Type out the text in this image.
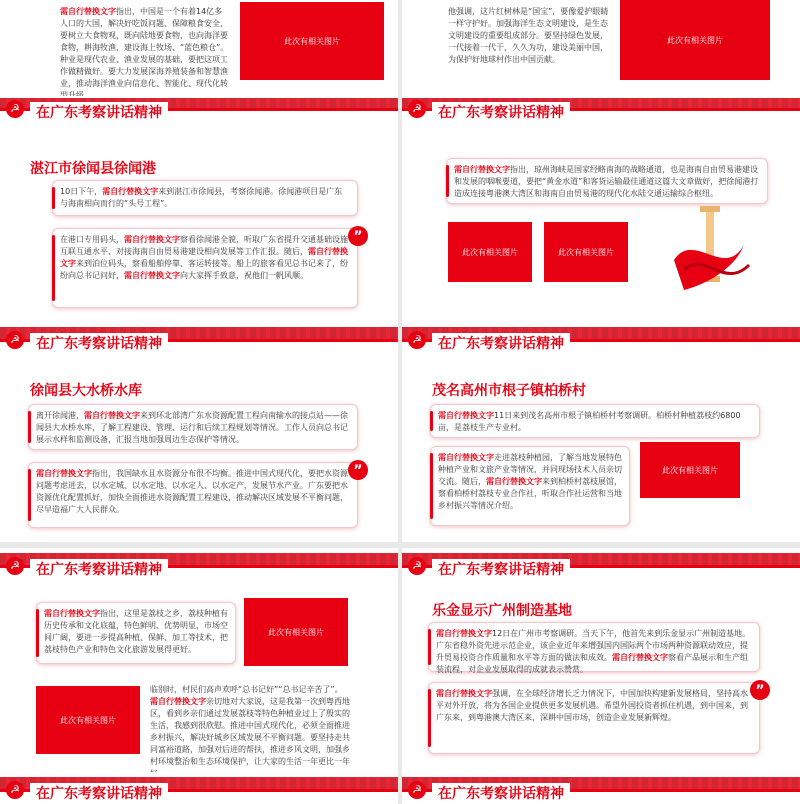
需自行替换文字指出，中国是一个有着14亿多人口的大国，解决好吃饭问题、保障粮食安全，要树立大食物观，既向陆地要食物，也向海洋要食物，耕海牧渔，建设海上牧场、“蓝色粮仓”。种业是现代农业、渔业发展的基础，要把这项工作做精做好。要大力发展深海养殖装备和智慧渔业，推动海洋渔业向信息化、智能化、现代化转
此次有相关图片
☭	在广东考察讲话精神
他强调，这片红树林是“国宝”，要像爱护眼睛一样守护好。加强海洋生态文明建设，是生态文明建设的重要组成部分。要坚持绿色发展，一代接着一代干，久久为功，建设美丽中国，为保护好地球村作出中国贡献。
此次有相关图片
☭	在广东考察讲话精神
湛江市徐闻县徐闻港
10日下午，需自行替换文字来到湛江市徐闻县，考察徐闻港。徐闻港项目是广东与海南相向而行的“头号工程”。
在港口专用码头，需自行替换文字察看徐闻港全貌，听取广东省提升交通基础设施互联互通水平、对接海南自由贸易港建设相向发展等工作汇报。随后，需自行替换文字来到泊位码头，察看船舶停靠、客运转接等。船上的旅客看见总书记来了，纷纷向总书记问好，需自行替换文字向大家挥手致意，祝他们一帆风顺。
”
需自行替换文字指出，琼州海峡是国家经略南海的战略通道，也是海南自由贸易港建设和发展的咽喉要道，要把“黄金水道”和客货运输最佳通道这篇大文章做好，把徐闻港打造成连接粤港澳大湾区和海南自由贸易港的现代化水陆交通运输综合枢纽。
此次有相关图片	此次有相关图片
☭	在广东考察讲话精神	☭	在广东考察讲话精神
徐闻县大水桥水库
离开徐闻港，需自行替换文字来到环北部湾广东水资源配置工程向南输水的接点站——徐闻县大水桥水库，了解工程建设、管理、运行和后续工程规划等情况。工作人员向总书记展示水样和监测设备，汇报当地加强周边生态保护等情况。
需自行替换文字指出，我国缺水且水资源分布很不均衡。推进中国式现代化，要把水资源问题考虑进去，以水定城、以水定地、以水定人、以水定产，发展节水产业。广东要把水资源优化配置抓好，加快全面推进水资源配置工程建设，推动解决区域发展不平衡问题，尽早造福广大人民群众。
”
茂名高州市根子镇柏桥村
需自行替换文字11日来到茂名高州市根子镇柏桥村考察调研。柏桥村种植荔枝约6800亩，是荔枝生产专业村。
需自行替换文字走进荔枝种植园，了解当地发展特色种植产业和文旅产业等情况，并同现场技术人员亲切交流。随后，需自行替换文字来到柏桥村荔枝展馆，察看柏桥村荔枝专业合作社，听取合作社运营和当地乡村振兴等情况介绍。
此次有相关图片
☭	在广东考察讲话精神	☭	在广东考察讲话精神
需自行替换文字指出，这里是荔枝之乡，荔枝种植有历史传承和文化底蕴，特色鲜明、优势明显，市场空间广阔，要进一步提高种植、保鲜、加工等技术，把荔枝特色产业和特色文化旅游发展得更好。
此次有相关图片
此次有相关图片
临别时，村民们高声欢呼“总书记好”“总书记辛苦了”。需自行替换文字亲切地对大家说，这是我第一次到粤西地区，看到乡亲们通过发展荔枝等特色种植业过上了殷实的生活，我感到很欣慰。推进中国式现代化，必须全面推进乡村振兴，解决好城乡区域发展不平衡问题。要坚持走共同富裕道路，加强对后进的帮扶，推进乡风文明，加强乡村环境整治和生态环境保护，让大家的生活一年更比一年
乐金显示广州制造基地
需自行替换文字12日在广州市考察调研。当天下午，他首先来到乐金显示广州制造基地。广东省稳外资先进示范企业，该企业近年来增强国内国际两个市场两种资源联动效应，提升贸易投资合作质量和水平等方面的做法和成效。需自行替换文字察看产品展示和生产组装流程，对企业发展取得的成就表示赞赏。
需自行替换文字强调，在全球经济增长乏力情况下，中国加快构建新发展格局，坚持高水平对外开放，将为各国企业提供更多发展机遇。希望外国投资者抓住机遇，到中国来，到广东来，到粤港澳大湾区来，深耕中国市场，创造企业发展新辉煌。
”
☭	在广东考察讲话精神	☭	在广东考察讲话精神
